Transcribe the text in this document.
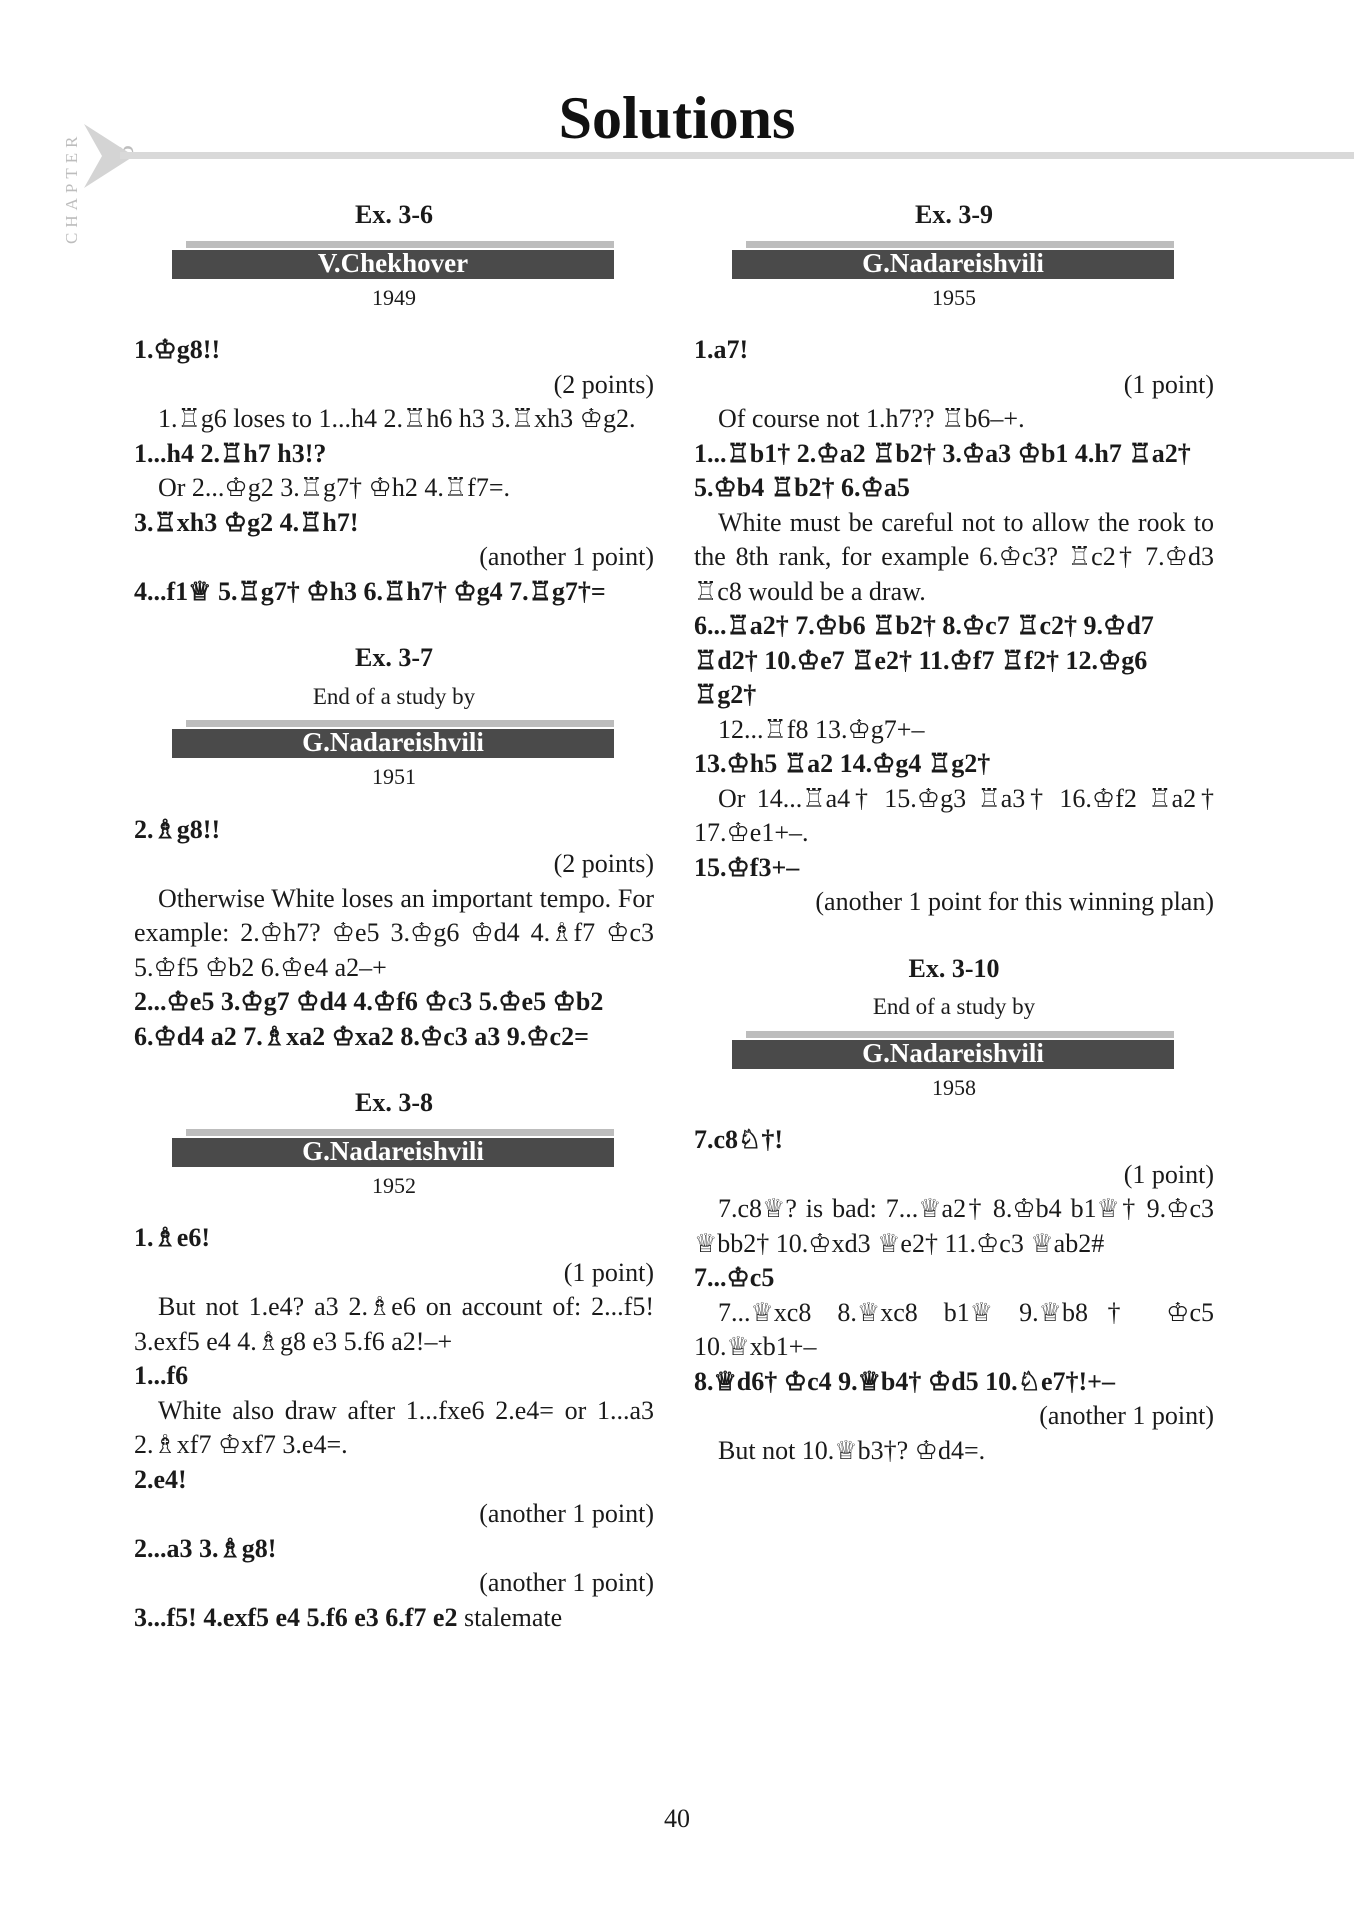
CHAPTER
Solutions
Ex. 3-6
V.Chekhover
1949

1.♔g8!!

(2 points)

1.♖g6 loses to 1...h4 2.♖h6 h3 3.♖xh3 ♔g2.

1...h4 2.♖h7 h3!?

Or 2...♔g2 3.♖g7† ♔h2 4.♖f7=.

3.♖xh3 ♔g2 4.♖h7!

(another 1 point)

4...f1♕ 5.♖g7† ♔h3 6.♖h7† ♔g4 7.♖g7†=

Ex. 3-7
End of a study by
G.Nadareishvili
1951

2.♗g8!!

(2 points)

Otherwise White loses an important tempo. For example: 2.♔h7? ♔e5 3.♔g6 ♔d4 4.♗f7 ♔c3 5.♔f5 ♔b2 6.♔e4 a2–+

2...♔e5 3.♔g7 ♔d4 4.♔f6 ♔c3 5.♔e5 ♔b2 6.♔d4 a2 7.♗xa2 ♔xa2 8.♔c3 a3 9.♔c2=

Ex. 3-8
G.Nadareishvili
1952

1.♗e6!

(1 point)

But not 1.e4? a3 2.♗e6 on account of: 2...f5! 3.exf5 e4 4.♗g8 e3 5.f6 a2!–+

1...f6

White also draw after 1...fxe6 2.e4= or 1...a3 2.♗xf7 ♔xf7 3.e4=.

2.e4!

(another 1 point)

2...a3 3.♗g8!

(another 1 point)

3...f5! 4.exf5 e4 5.f6 e3 6.f7 e2 stalemate

Ex. 3-9
G.Nadareishvili
1955

1.a7!

(1 point)

Of course not 1.h7?? ♖b6–+.

1...♖b1† 2.♔a2 ♖b2† 3.♔a3 ♔b1 4.h7 ♖a2† 5.♔b4 ♖b2† 6.♔a5

White must be careful not to allow the rook to the 8th rank, for example 6.♔c3? ♖c2† 7.♔d3 ♖c8 would be a draw.

6...♖a2† 7.♔b6 ♖b2† 8.♔c7 ♖c2† 9.♔d7 ♖d2† 10.♔e7 ♖e2† 11.♔f7 ♖f2† 12.♔g6 ♖g2†

12...♖f8 13.♔g7+–

13.♔h5 ♖a2 14.♔g4 ♖g2†

Or 14...♖a4† 15.♔g3 ♖a3† 16.♔f2 ♖a2† 17.♔e1+–.

15.♔f3+–

(another 1 point for this winning plan)

Ex. 3-10
End of a study by
G.Nadareishvili
1958

7.c8♘†!

(1 point)

7.c8♕? is bad: 7...♕a2† 8.♔b4 b1♕† 9.♔c3 ♕bb2† 10.♔xd3 ♕e2† 11.♔c3 ♕ab2#

7...♔c5

7...♕xc8 8.♕xc8 b1♕ 9.♕b8† ♔c5 10.♕xb1+–

8.♕d6† ♔c4 9.♕b4† ♔d5 10.♘e7†!+–

(another 1 point)

But not 10.♕b3†? ♔d4=.

40
